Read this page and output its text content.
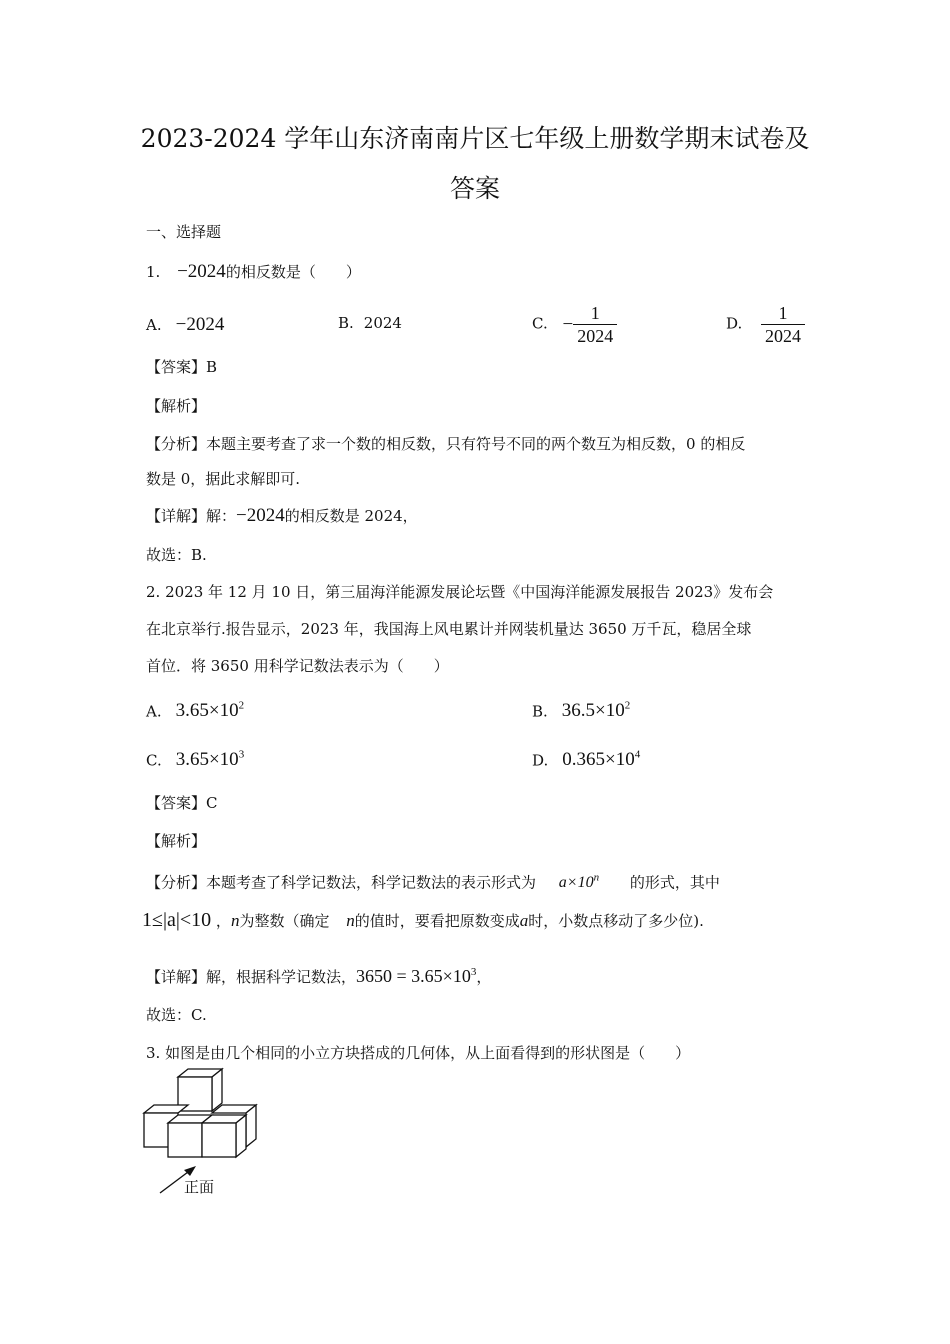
2023-2024 学年山东济南南片区七年级上册数学期末试卷及
答案
一、选择题
1. −2024的相反数是（　　）
A. −2024	B. 2024	C. − $\frac{1}{2024}$	D. $\frac{1}{2024}$
【答案】B
【解析】
【分析】本题主要考查了求一个数的相反数，只有符号不同的两个数互为相反数，0 的相反
数是 0，据此求解即可.
【详解】解：−2024的相反数是 2024，
故选：B.
2. 2023 年 12 月 10 日，第三届海洋能源发展论坛暨《中国海洋能源发展报告 2023》发布会
在北京举行.报告显示，2023 年，我国海上风电累计并网装机量达 3650 万千瓦，稳居全球
首位．将 3650 用科学记数法表示为（　　）
A. $3.65\times 10^2$	B. $36.5\times 10^2$
C. $3.65\times 10^3$	D. $0.365\times 10^4$
【答案】C
【解析】
【分析】本题考查了科学记数法，科学记数法的表示形式为 $a\times 10^n$ 的形式，其中
1≤|a|<10 ，n为整数（确定 n的值时，要看把原数变成a时，小数点移动了多少位).
【详解】解，根据科学记数法，$3650 = 3.65\times 10^3$，
故选：C.
3. 如图是由几个相同的小立方块搭成的几何体，从上面看得到的形状图是（　　）
正面
